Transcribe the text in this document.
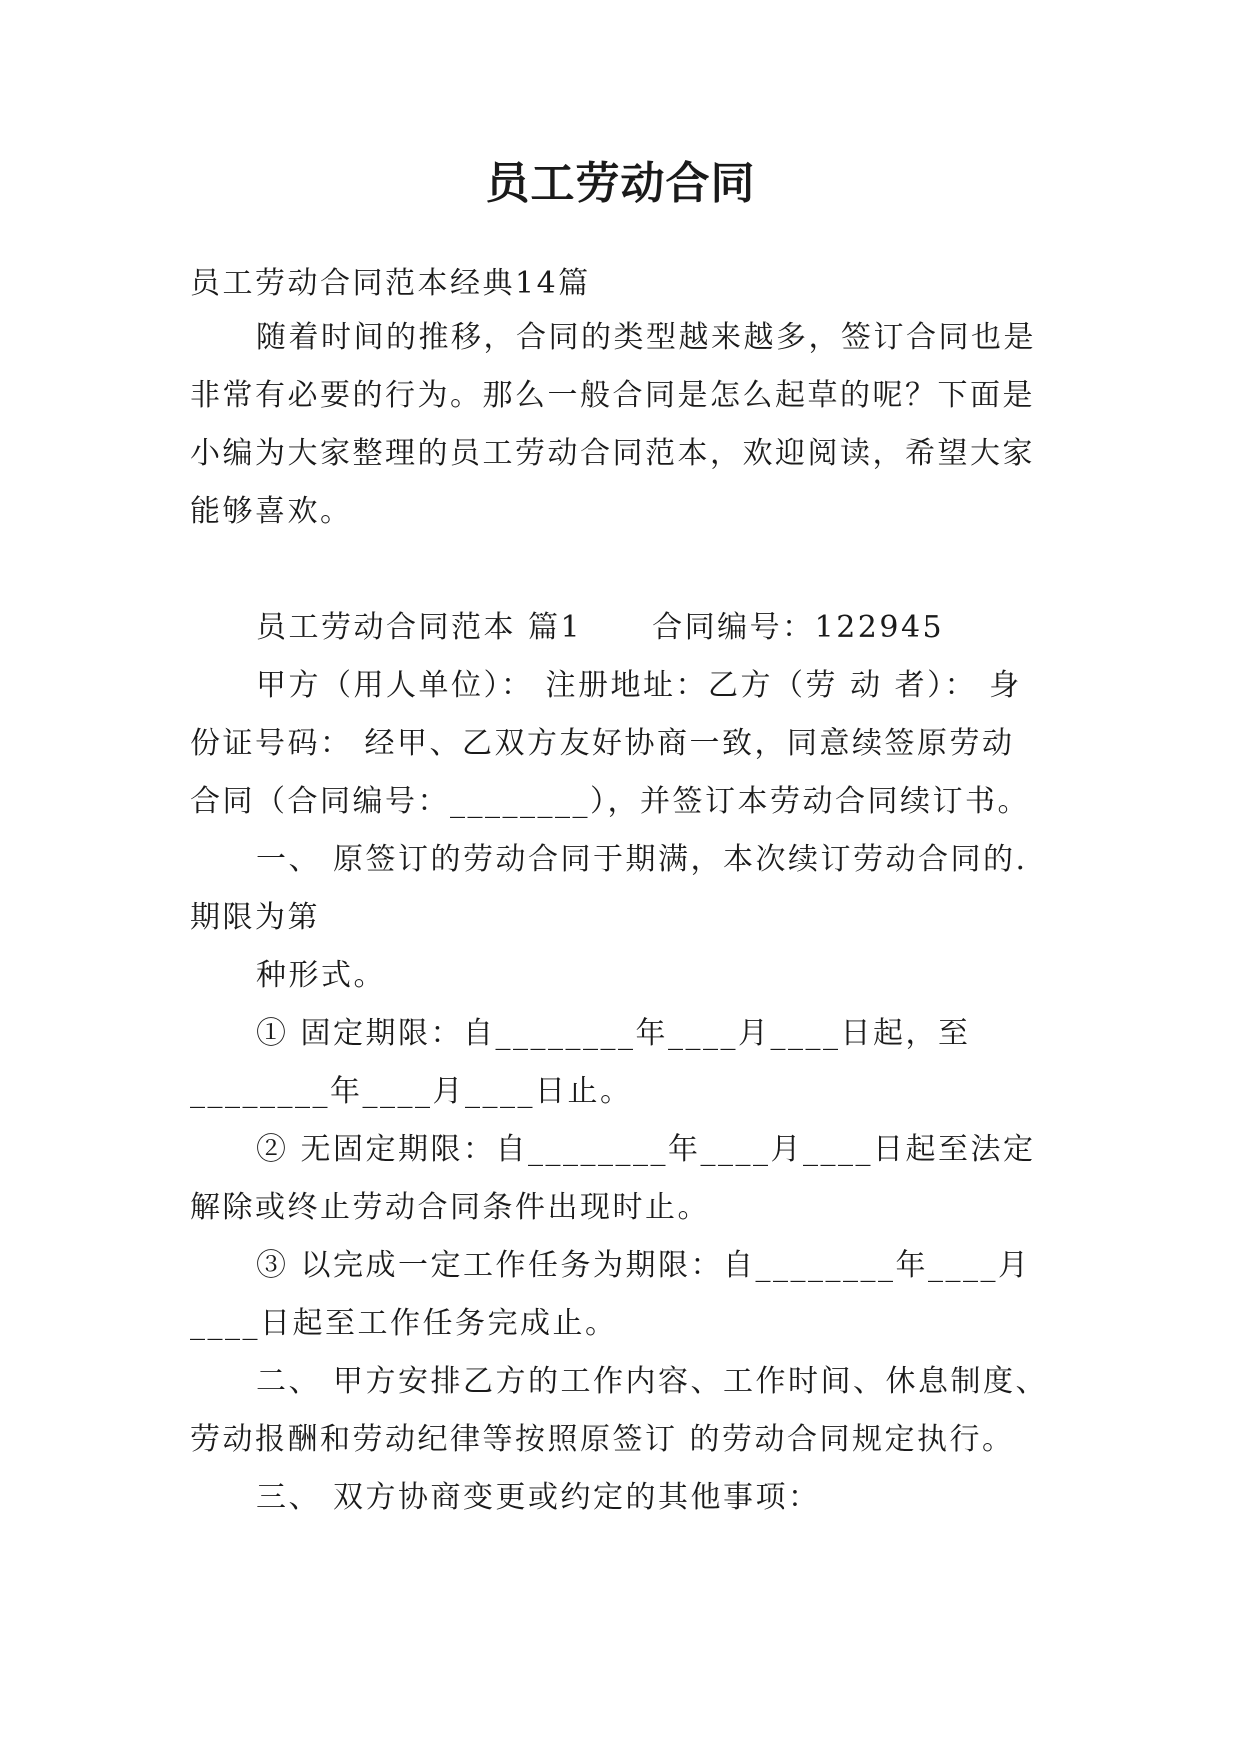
员工劳动合同
员工劳动合同范本经典14篇
随着时间的推移，合同的类型越来越多，签订合同也是
非常有必要的行为。那么一般合同是怎么起草的呢？下面是
小编为大家整理的员工劳动合同范本，欢迎阅读，希望大家
能够喜欢。
员工劳动合同范本 篇1 合同编号：122945
甲方（用人单位）： 注册地址：乙方（劳 动 者）： 身
份证号码： 经甲、乙双方友好协商一致，同意续签原劳动
合同（合同编号：________），并签订本劳动合同续订书。
一、 原签订的劳动合同于期满，本次续订劳动合同的.
期限为第
种形式。
① 固定期限：自________年____月____日起，至
________年____月____日止。
② 无固定期限：自________年____月____日起至法定
解除或终止劳动合同条件出现时止。
③ 以完成一定工作任务为期限：自________年____月
____日起至工作任务完成止。
二、 甲方安排乙方的工作内容、工作时间、休息制度、
劳动报酬和劳动纪律等按照原签订 的劳动合同规定执行。
三、 双方协商变更或约定的其他事项：
